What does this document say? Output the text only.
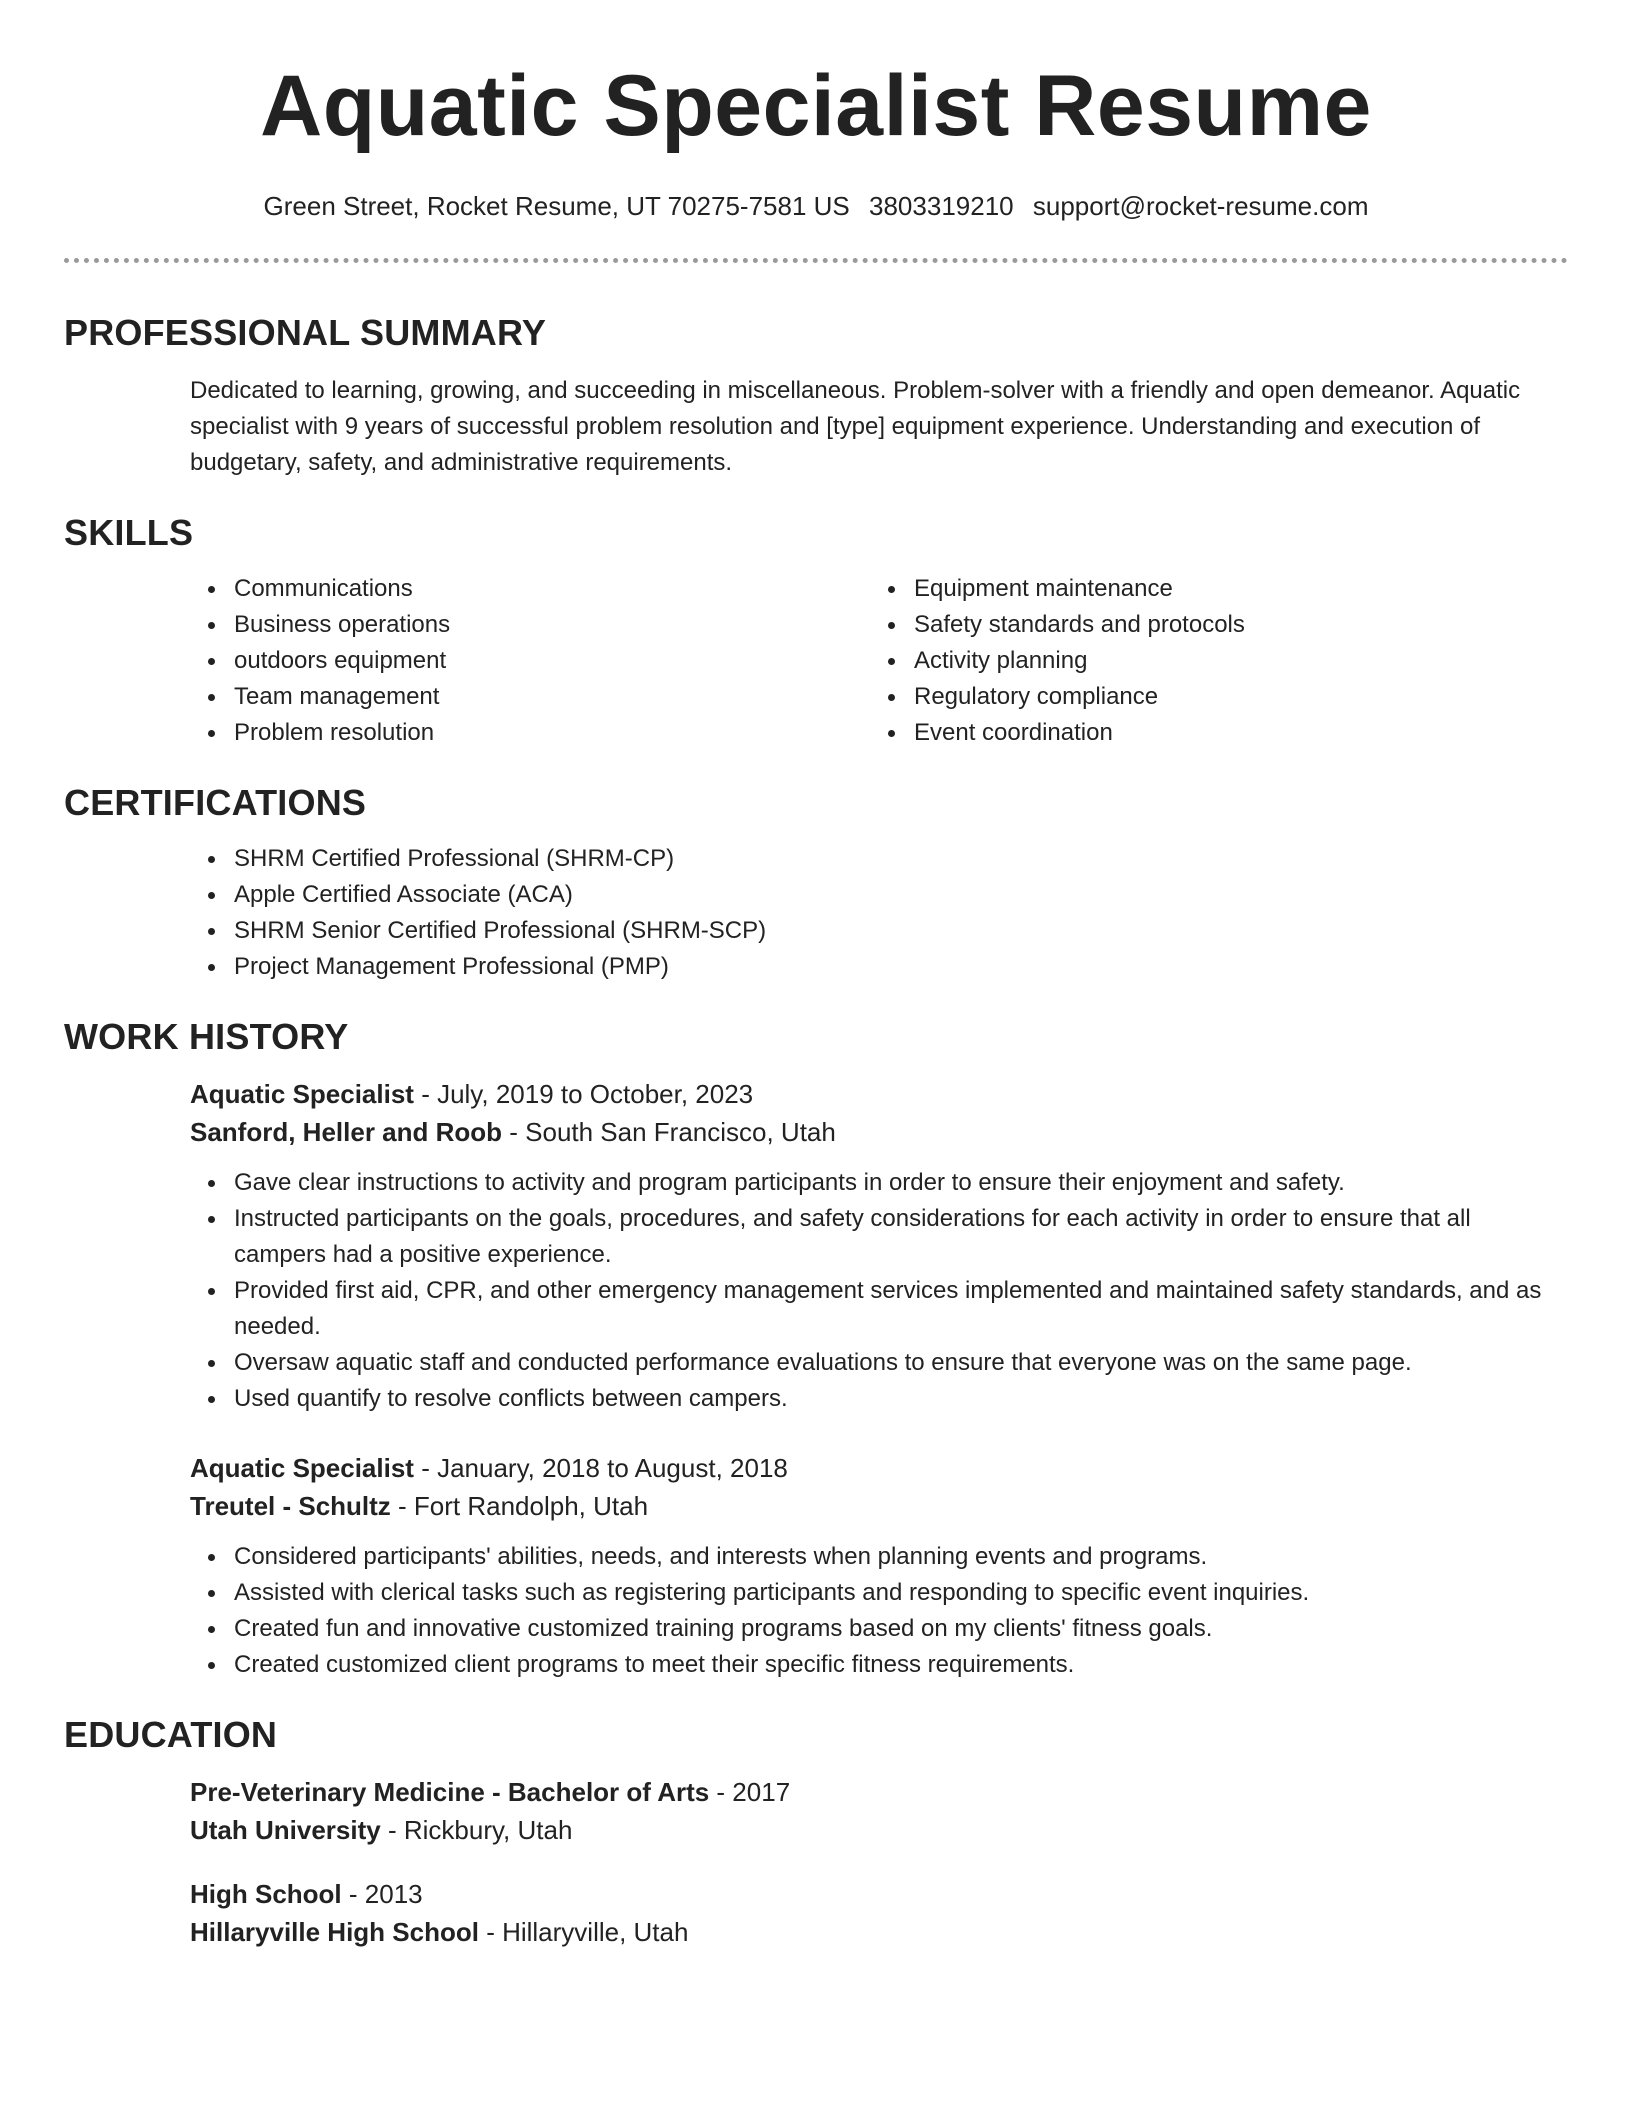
Aquatic Specialist Resume
Green Street, Rocket Resume, UT 70275-7581 US 3803319210 support@rocket-resume.com
PROFESSIONAL SUMMARY

Dedicated to learning, growing, and succeeding in miscellaneous. Problem-solver with a friendly and open demeanor. Aquatic specialist with 9 years of successful problem resolution and [type] equipment experience. Understanding and execution of budgetary, safety, and administrative requirements.

SKILLS
Communications
Business operations
outdoors equipment
Team management
Problem resolution
Equipment maintenance
Safety standards and protocols
Activity planning
Regulatory compliance
Event coordination
CERTIFICATIONS
SHRM Certified Professional (SHRM-CP)
Apple Certified Associate (ACA)
SHRM Senior Certified Professional (SHRM-SCP)
Project Management Professional (PMP)
WORK HISTORY
Aquatic Specialist - July, 2019 to October, 2023
Sanford, Heller and Roob - South San Francisco, Utah
Gave clear instructions to activity and program participants in order to ensure their enjoyment and safety.
Instructed participants on the goals, procedures, and safety considerations for each activity in order to ensure that all campers had a positive experience.
Provided first aid, CPR, and other emergency management services implemented and maintained safety standards, and as needed.
Oversaw aquatic staff and conducted performance evaluations to ensure that everyone was on the same page.
Used quantify to resolve conflicts between campers.
Aquatic Specialist - January, 2018 to August, 2018
Treutel - Schultz - Fort Randolph, Utah
Considered participants' abilities, needs, and interests when planning events and programs.
Assisted with clerical tasks such as registering participants and responding to specific event inquiries.
Created fun and innovative customized training programs based on my clients' fitness goals.
Created customized client programs to meet their specific fitness requirements.
EDUCATION
Pre-Veterinary Medicine - Bachelor of Arts - 2017
Utah University - Rickbury, Utah
High School - 2013
Hillaryville High School - Hillaryville, Utah
